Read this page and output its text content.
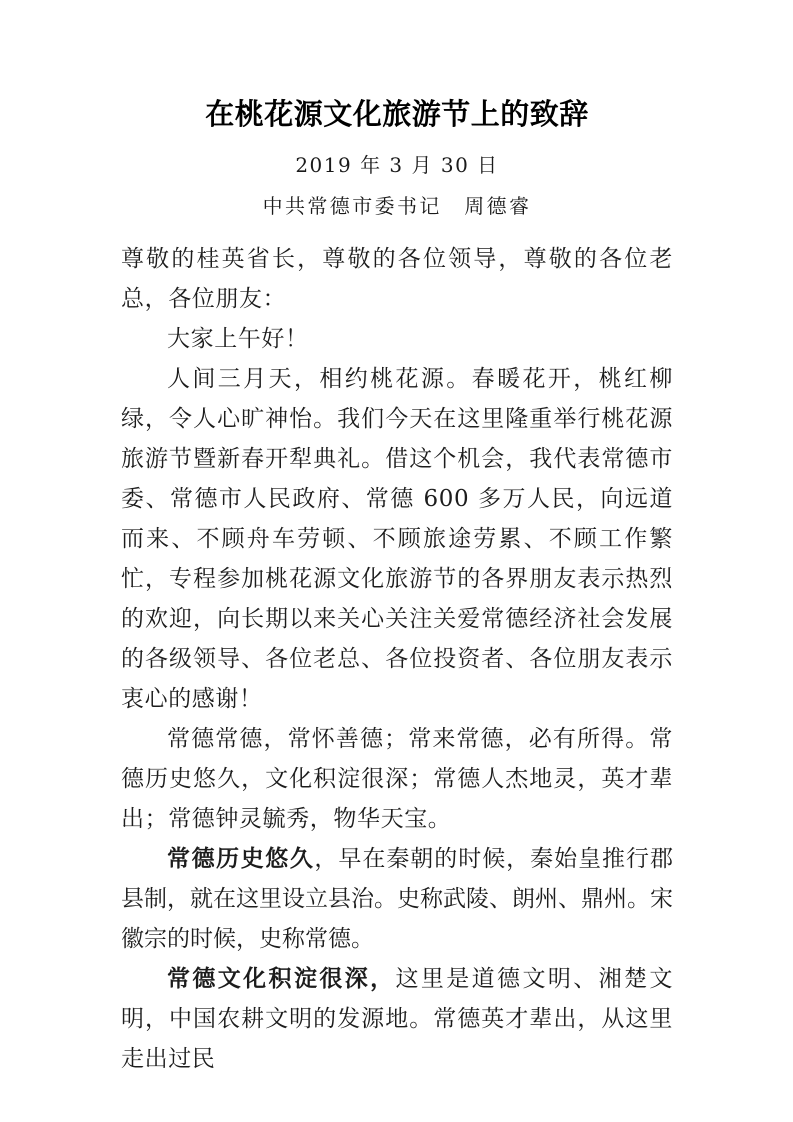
在桃花源文化旅游节上的致辞
2019 年 3 月 30 日
中共常德市委书记　周德睿

尊敬的桂英省长，尊敬的各位领导，尊敬的各位老总，各位朋友：

大家上午好！

人间三月天，相约桃花源。春暖花开，桃红柳绿，令人心旷神怡。我们今天在这里隆重举行桃花源旅游节暨新春开犁典礼。借这个机会，我代表常德市委、常德市人民政府、常德 600 多万人民，向远道而来、不顾舟车劳顿、不顾旅途劳累、不顾工作繁忙，专程参加桃花源文化旅游节的各界朋友表示热烈的欢迎，向长期以来关心关注关爱常德经济社会发展的各级领导、各位老总、各位投资者、各位朋友表示衷心的感谢！

常德常德，常怀善德；常来常德，必有所得。常德历史悠久，文化积淀很深；常德人杰地灵，英才辈出；常德钟灵毓秀，物华天宝。

常德历史悠久，早在秦朝的时候，秦始皇推行郡县制，就在这里设立县治。史称武陵、朗州、鼎州。宋徽宗的时候，史称常德。

常德文化积淀很深，这里是道德文明、湘楚文明，中国农耕文明的发源地。常德英才辈出，从这里走出过民
